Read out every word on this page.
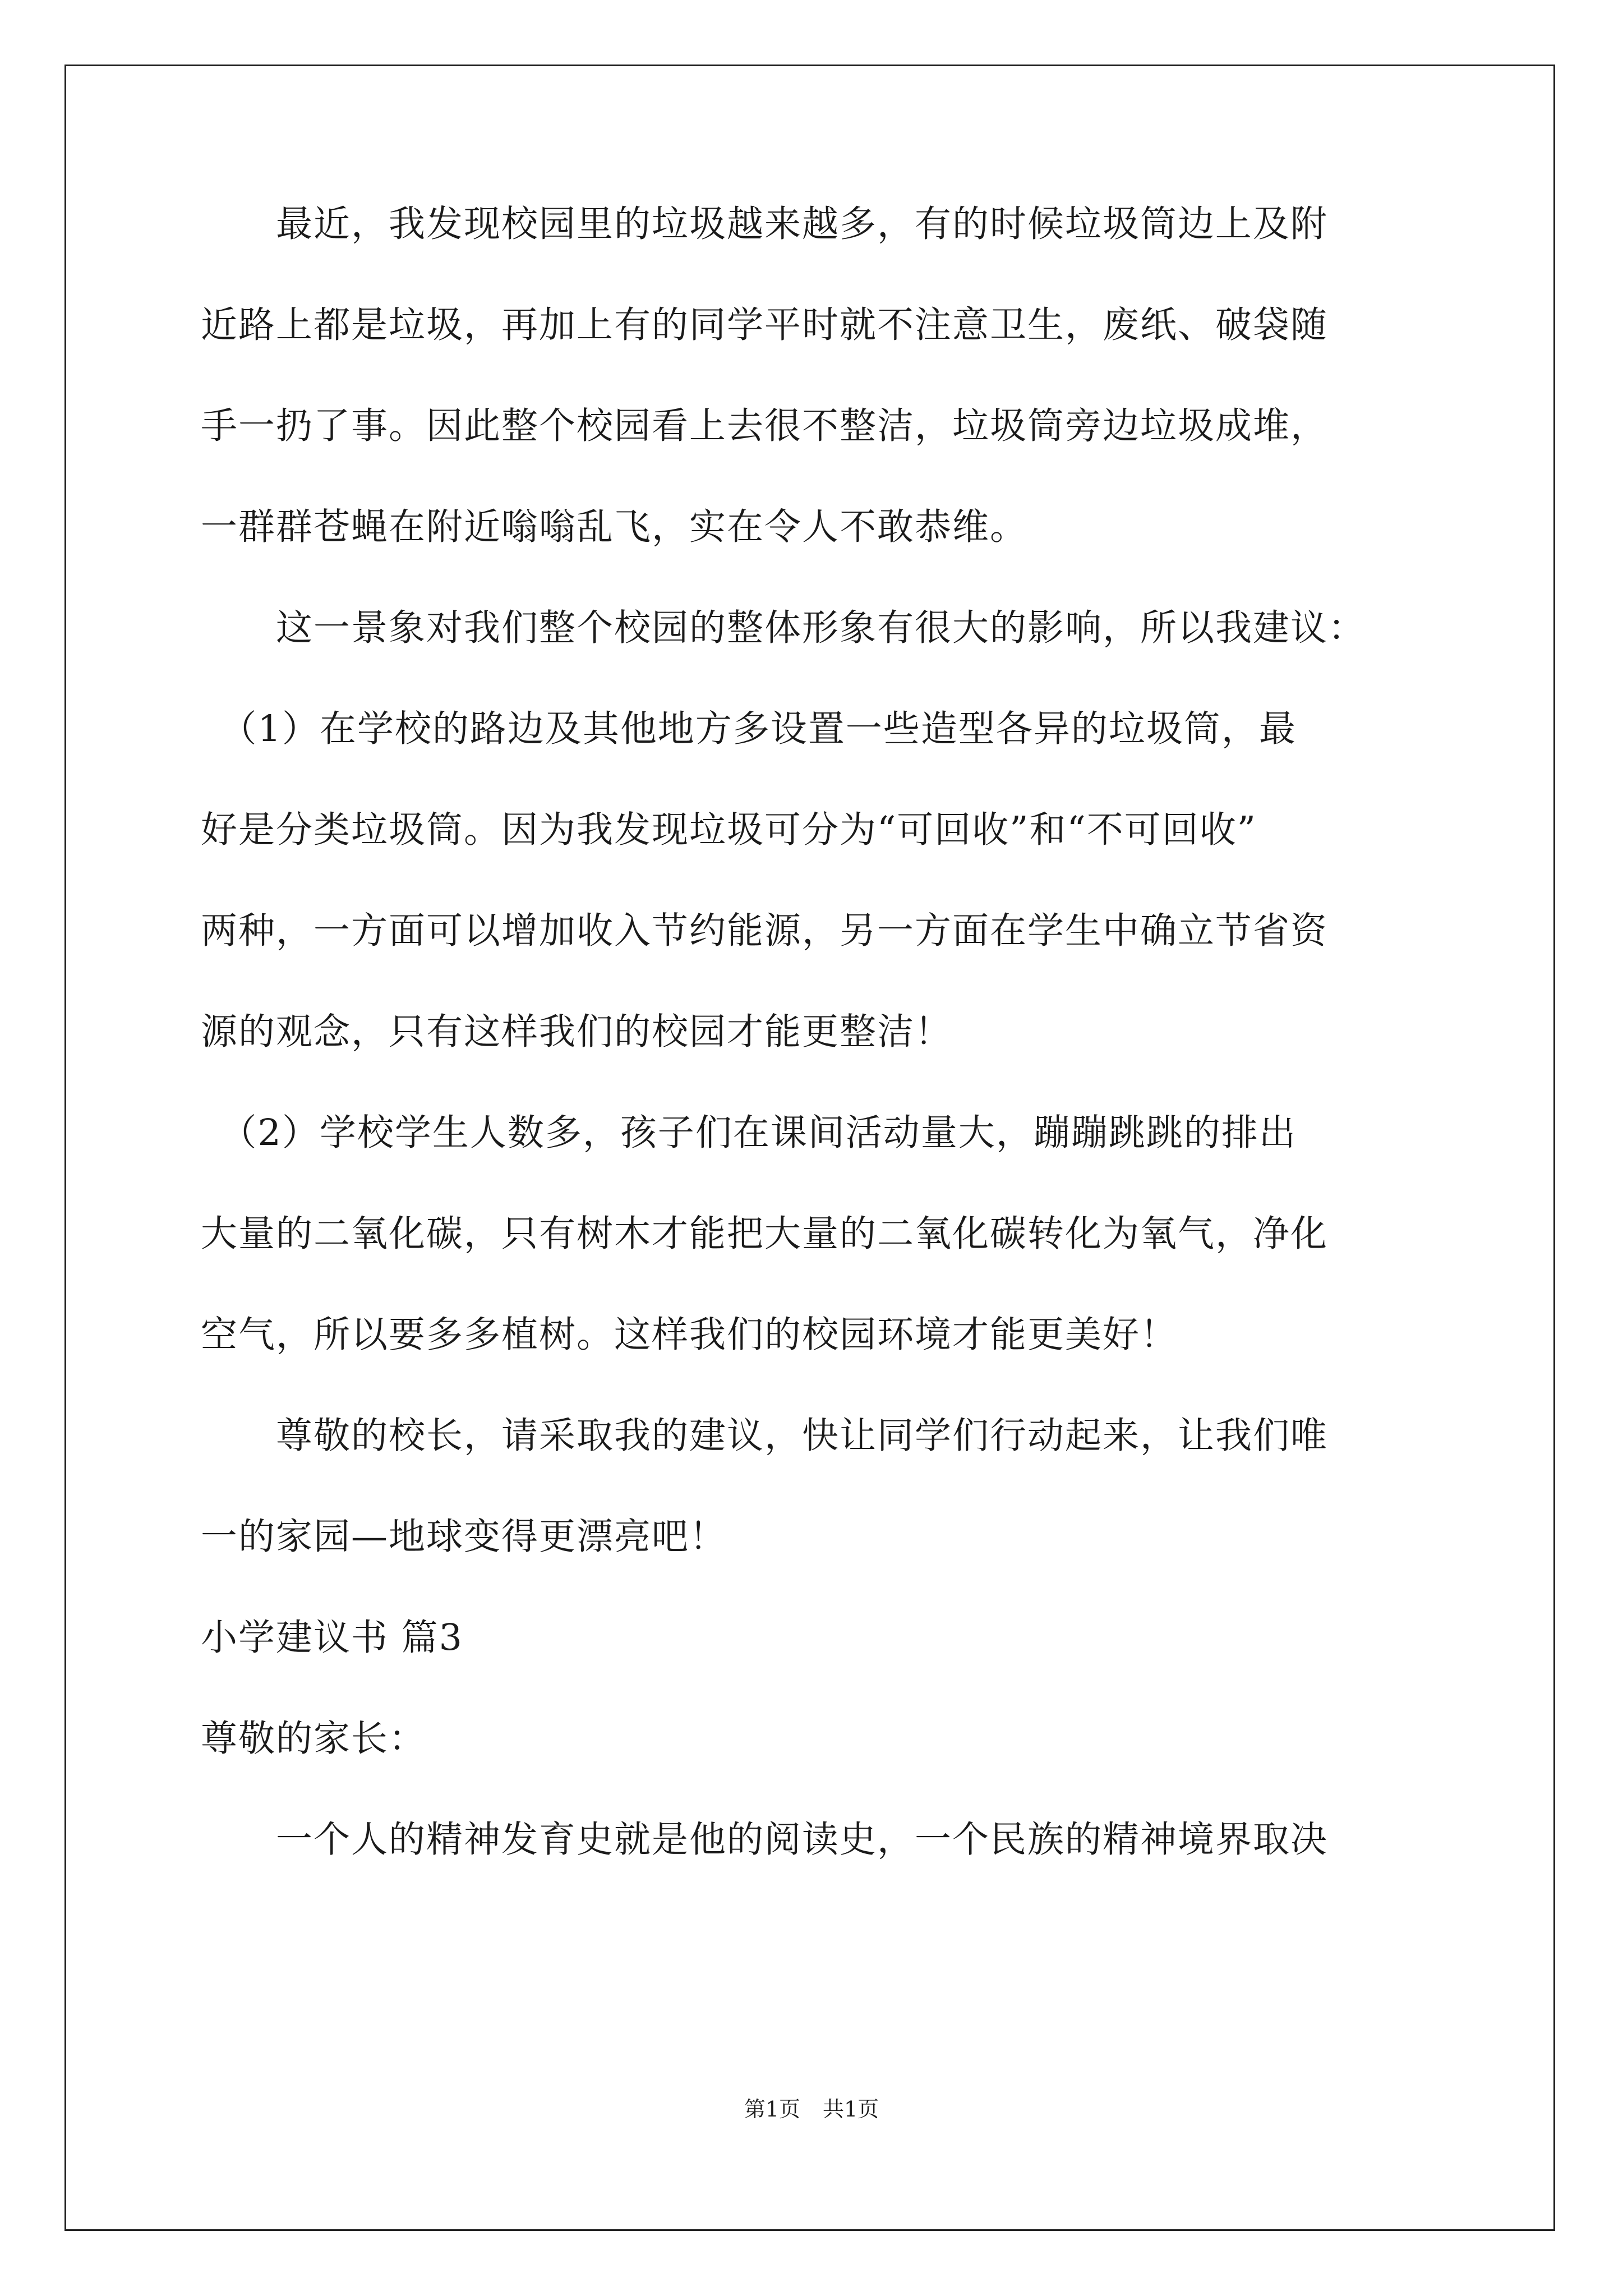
　　最近，我发现校园里的垃圾越来越多，有的时候垃圾筒边上及附
近路上都是垃圾，再加上有的同学平时就不注意卫生，废纸、破袋随
手一扔了事。因此整个校园看上去很不整洁，垃圾筒旁边垃圾成堆，
一群群苍蝇在附近嗡嗡乱飞，实在令人不敢恭维。
　　这一景象对我们整个校园的整体形象有很大的影响，所以我建议：
　（1）在学校的路边及其他地方多设置一些造型各异的垃圾筒，最
好是分类垃圾筒。因为我发现垃圾可分为“可回收”和“不可回收”
两种，一方面可以增加收入节约能源，另一方面在学生中确立节省资
源的观念，只有这样我们的校园才能更整洁！
　（2）学校学生人数多，孩子们在课间活动量大，蹦蹦跳跳的排出
大量的二氧化碳，只有树木才能把大量的二氧化碳转化为氧气，净化
空气，所以要多多植树。这样我们的校园环境才能更美好！
　　尊敬的校长，请采取我的建议，快让同学们行动起来，让我们唯
一的家园—地球变得更漂亮吧！
小学建议书 篇3
尊敬的家长：
　　一个人的精神发育史就是他的阅读史，一个民族的精神境界取决
第1页 共1页
